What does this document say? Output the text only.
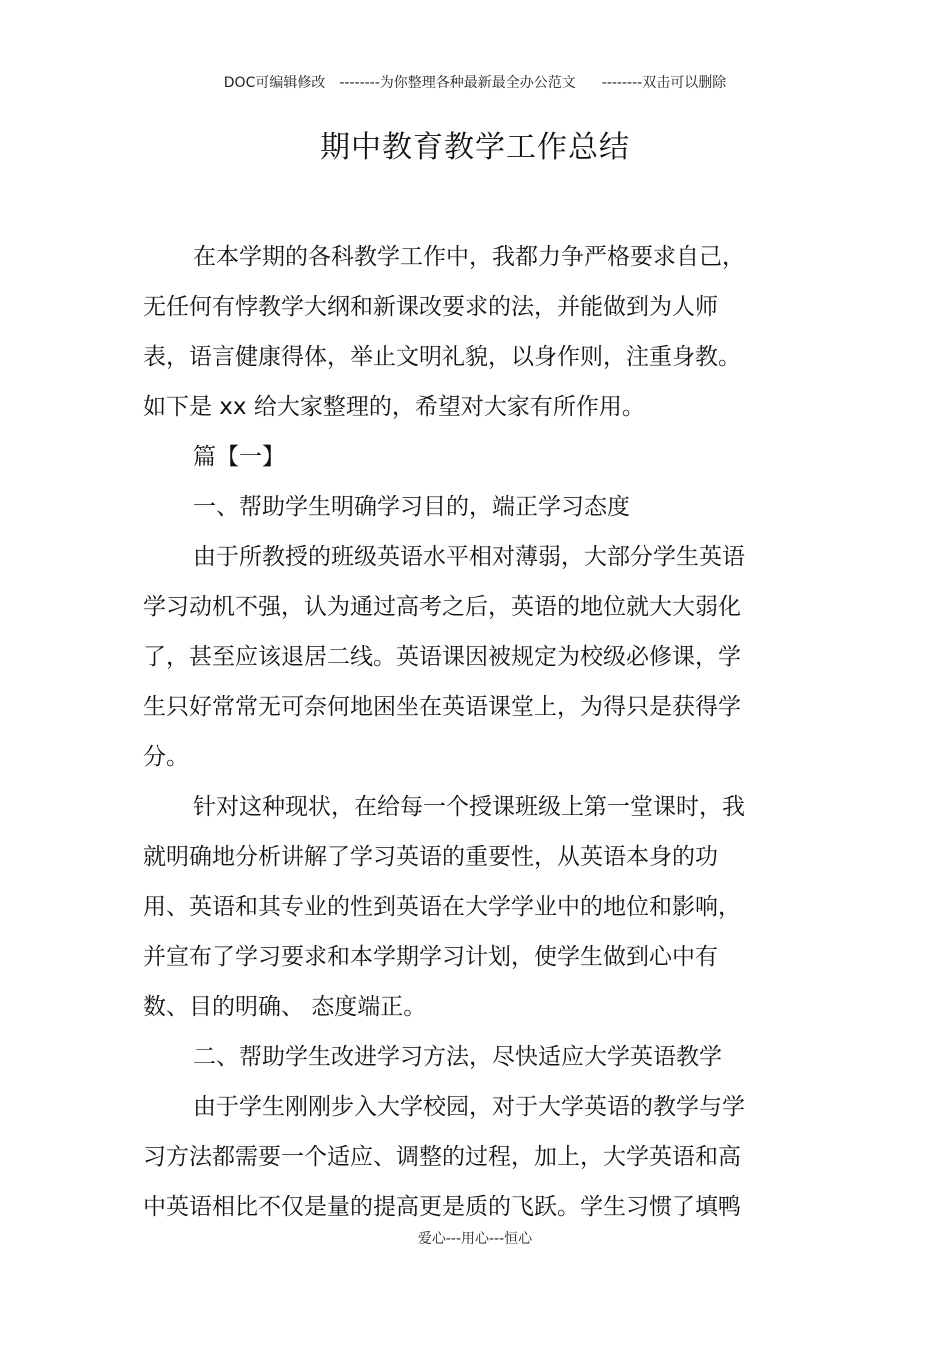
DOC可编辑修改 --------为你整理各种最新最全办公范文 --------双击可以删除
期中教育教学工作总结
在本学期的各科教学工作中，我都力争严格要求自己，
无任何有悖教学大纲和新课改要求的法，并能做到为人师
表，语言健康得体，举止文明礼貌，以身作则，注重身教。
如下是 xx 给大家整理的，希望对大家有所作用。
篇【一】
一、帮助学生明确学习目的，端正学习态度
由于所教授的班级英语水平相对薄弱，大部分学生英语
学习动机不强，认为通过高考之后，英语的地位就大大弱化
了，甚至应该退居二线。英语课因被规定为校级必修课，学
生只好常常无可奈何地困坐在英语课堂上，为得只是获得学
分。
针对这种现状，在给每一个授课班级上第一堂课时，我
就明确地分析讲解了学习英语的重要性，从英语本身的功
用、英语和其专业的性到英语在大学学业中的地位和影响，
并宣布了学习要求和本学期学习计划，使学生做到心中有
数、目的明确、 态度端正。
二、帮助学生改进学习方法，尽快适应大学英语教学
由于学生刚刚步入大学校园，对于大学英语的教学与学
习方法都需要一个适应、调整的过程，加上，大学英语和高
中英语相比不仅是量的提高更是质的飞跃。学生习惯了填鸭
爱心---用心---恒心
